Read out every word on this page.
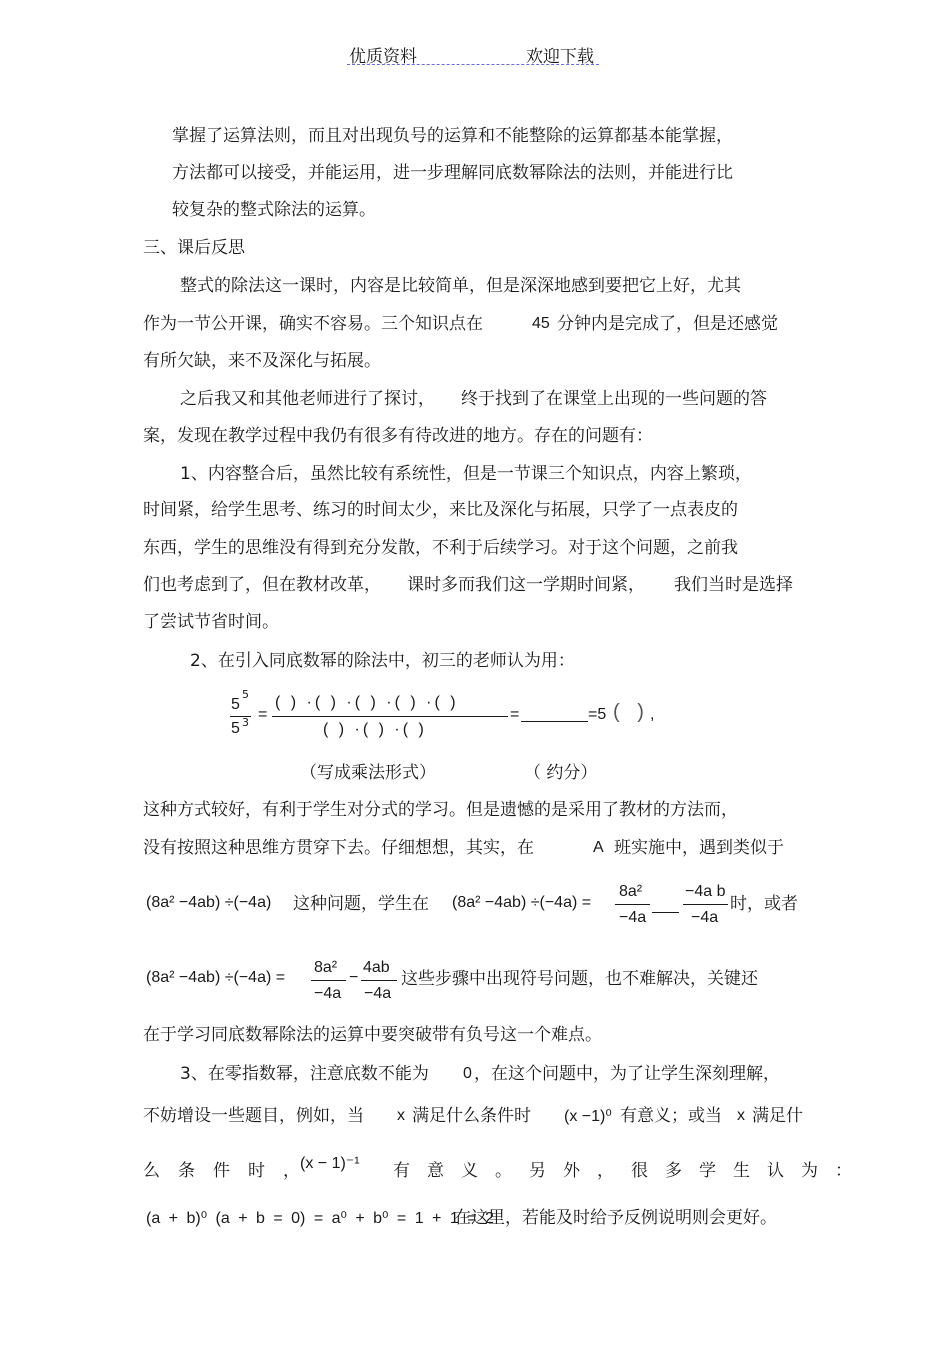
优质资料	欢迎下载
掌握了运算法则，而且对出现负号的运算和不能整除的运算都基本能掌握，
方法都可以接受，并能运用，进一步理解同底数幂除法的法则，并能进行比
较复杂的整式除法的运算。
三、课后反思
整式的除法这一课时，内容是比较简单，但是深深地感到要把它上好，尤其
作为一节公开课，确实不容易。三个知识点在	45 分钟内是完成了，但是还感觉
有所欠缺，来不及深化与拓展。
之后我又和其他老师进行了探讨， 终于找到了在课堂上出现的一些问题的答
案，发现在教学过程中我仍有很多有待改进的地方。存在的问题有：
1、内容整合后，虽然比较有系统性，但是一节课三个知识点，内容上繁琐，
时间紧，给学生思考、练习的时间太少，来比及深化与拓展，只学了一点表皮的
东西，学生的思维没有得到充分发散，不利于后续学习。对于这个问题，之前我
们也考虑到了，但在教材改革， 课时多而我们这一学期时间紧， 我们当时是选择
了尝试节省时间。
2、在引入同底数幂的除法中，初三的老师认为用：
5
5
5 3 =
( ) ·( ) ·( ) ·( ) ·( )
( ) ·( ) ·( )
=	=5 ( ) ,
（写成乘法形式）	（ 约分）
这种方式较好，有利于学生对分式的学习。但是遗憾的是采用了教材的方法而，
没有按照这种思维方贯穿下去。仔细想想，其实，在	A 班实施中，遇到类似于
(8a² −4ab) ÷(−4a) 这种问题，学生在 (8a² −4ab) ÷(−4a) =
8a²
−4a
−4a b
−4a
时，或者
(8a² −4ab) ÷(−4a) =
8a²
−4a
−
4ab
−4a
这些步骤中出现符号问题，也不难解决，关键还
在于学习同底数幂除法的运算中要突破带有负号这一个难点。
3、在零指数幂，注意底数不能为 0 ，在这个问题中，为了让学生深刻理解，
不妨增设一些题目，例如，当 x 满足什么条件时 (x −1)⁰ 有意义；或当 x 满足什
么 条 件 时 ， (x − 1)⁻¹ 有 意 义 。 另 外 ， 很 多 学 生 认 为 ：
(a + b)⁰ (a + b = 0) = a⁰ + b⁰ = 1 + 1 = 2
在这里，若能及时给予反例说明则会更好。
